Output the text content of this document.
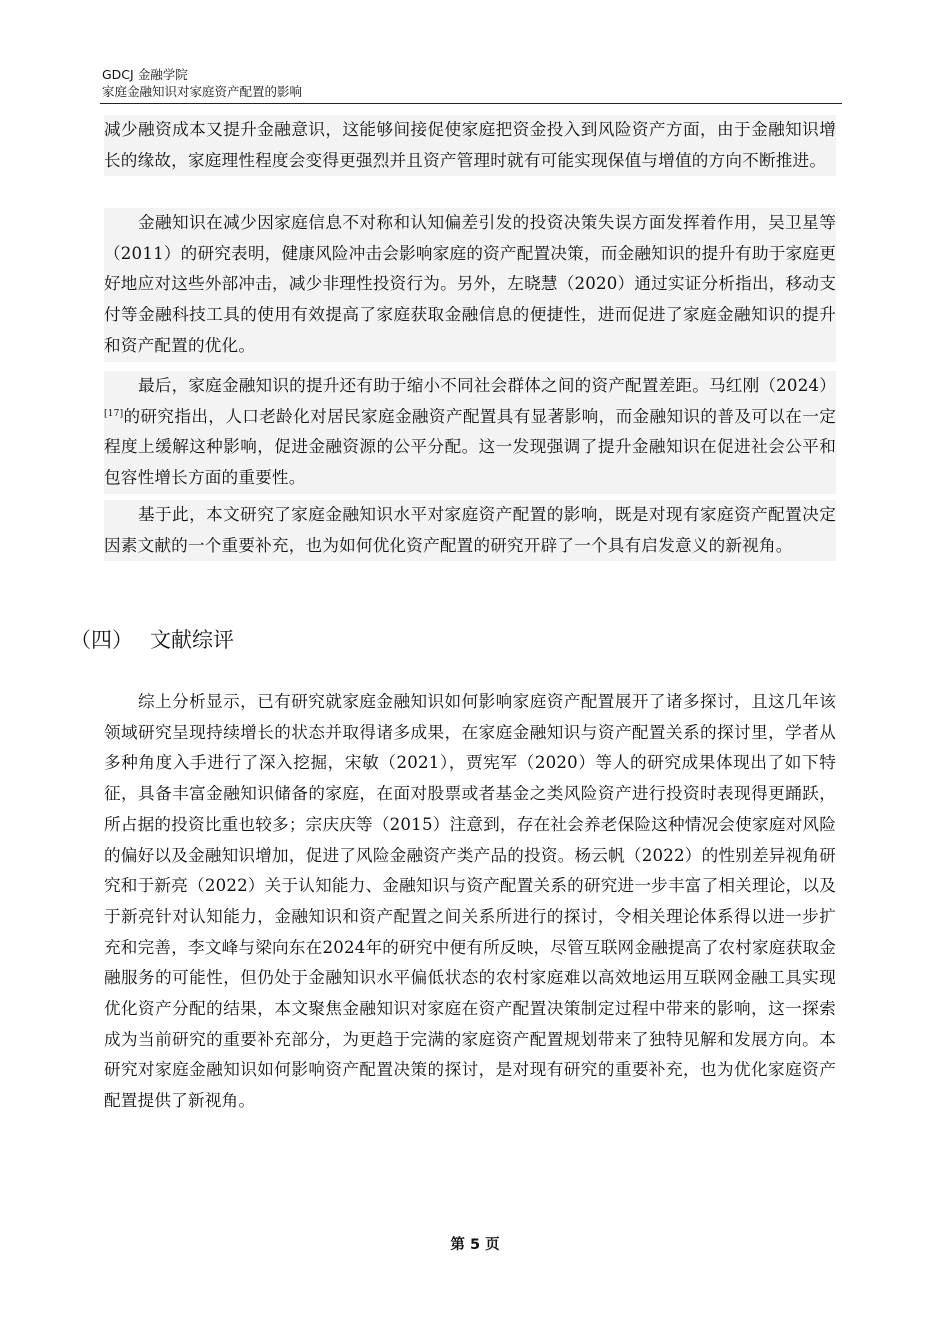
GDCJ 金融学院
家庭金融知识对家庭资产配置的影响

减少融资成本又提升金融意识，这能够间接促使家庭把资金投入到风险资产方面，由于金融知识增长的缘故，家庭理性程度会变得更强烈并且资产管理时就有可能实现保值与增值的方向不断推进。

金融知识在减少因家庭信息不对称和认知偏差引发的投资决策失误方面发挥着作用，吴卫星等（2011）的研究表明，健康风险冲击会影响家庭的资产配置决策，而金融知识的提升有助于家庭更好地应对这些外部冲击，减少非理性投资行为。另外，左晓慧（2020）通过实证分析指出，移动支付等金融科技工具的使用有效提高了家庭获取金融信息的便捷性，进而促进了家庭金融知识的提升和资产配置的优化。

最后，家庭金融知识的提升还有助于缩小不同社会群体之间的资产配置差距。马红刚（2024）[17]的研究指出，人口老龄化对居民家庭金融资产配置具有显著影响，而金融知识的普及可以在一定程度上缓解这种影响，促进金融资源的公平分配。这一发现强调了提升金融知识在促进社会公平和包容性增长方面的重要性。

基于此，本文研究了家庭金融知识水平对家庭资产配置的影响，既是对现有家庭资产配置决定因素文献的一个重要补充，也为如何优化资产配置的研究开辟了一个具有启发意义的新视角。

（四） 文献综评

综上分析显示，已有研究就家庭金融知识如何影响家庭资产配置展开了诸多探讨，且这几年该领域研究呈现持续增长的状态并取得诸多成果，在家庭金融知识与资产配置关系的探讨里，学者从多种角度入手进行了深入挖掘，宋敏（2021），贾宪军（2020）等人的研究成果体现出了如下特征，具备丰富金融知识储备的家庭，在面对股票或者基金之类风险资产进行投资时表现得更踊跃，所占据的投资比重也较多；宗庆庆等（2015）注意到，存在社会养老保险这种情况会使家庭对风险的偏好以及金融知识增加，促进了风险金融资产类产品的投资。杨云帆（2022）的性别差异视角研究和于新亮（2022）关于认知能力、金融知识与资产配置关系的研究进一步丰富了相关理论，以及于新亮针对认知能力，金融知识和资产配置之间关系所进行的探讨，令相关理论体系得以进一步扩充和完善，李文峰与梁向东在2024年的研究中便有所反映，尽管互联网金融提高了农村家庭获取金融服务的可能性，但仍处于金融知识水平偏低状态的农村家庭难以高效地运用互联网金融工具实现优化资产分配的结果，本文聚焦金融知识对家庭在资产配置决策制定过程中带来的影响，这一探索成为当前研究的重要补充部分，为更趋于完满的家庭资产配置规划带来了独特见解和发展方向。本研究对家庭金融知识如何影响资产配置决策的探讨，是对现有研究的重要补充，也为优化家庭资产配置提供了新视角。

第 5 页
